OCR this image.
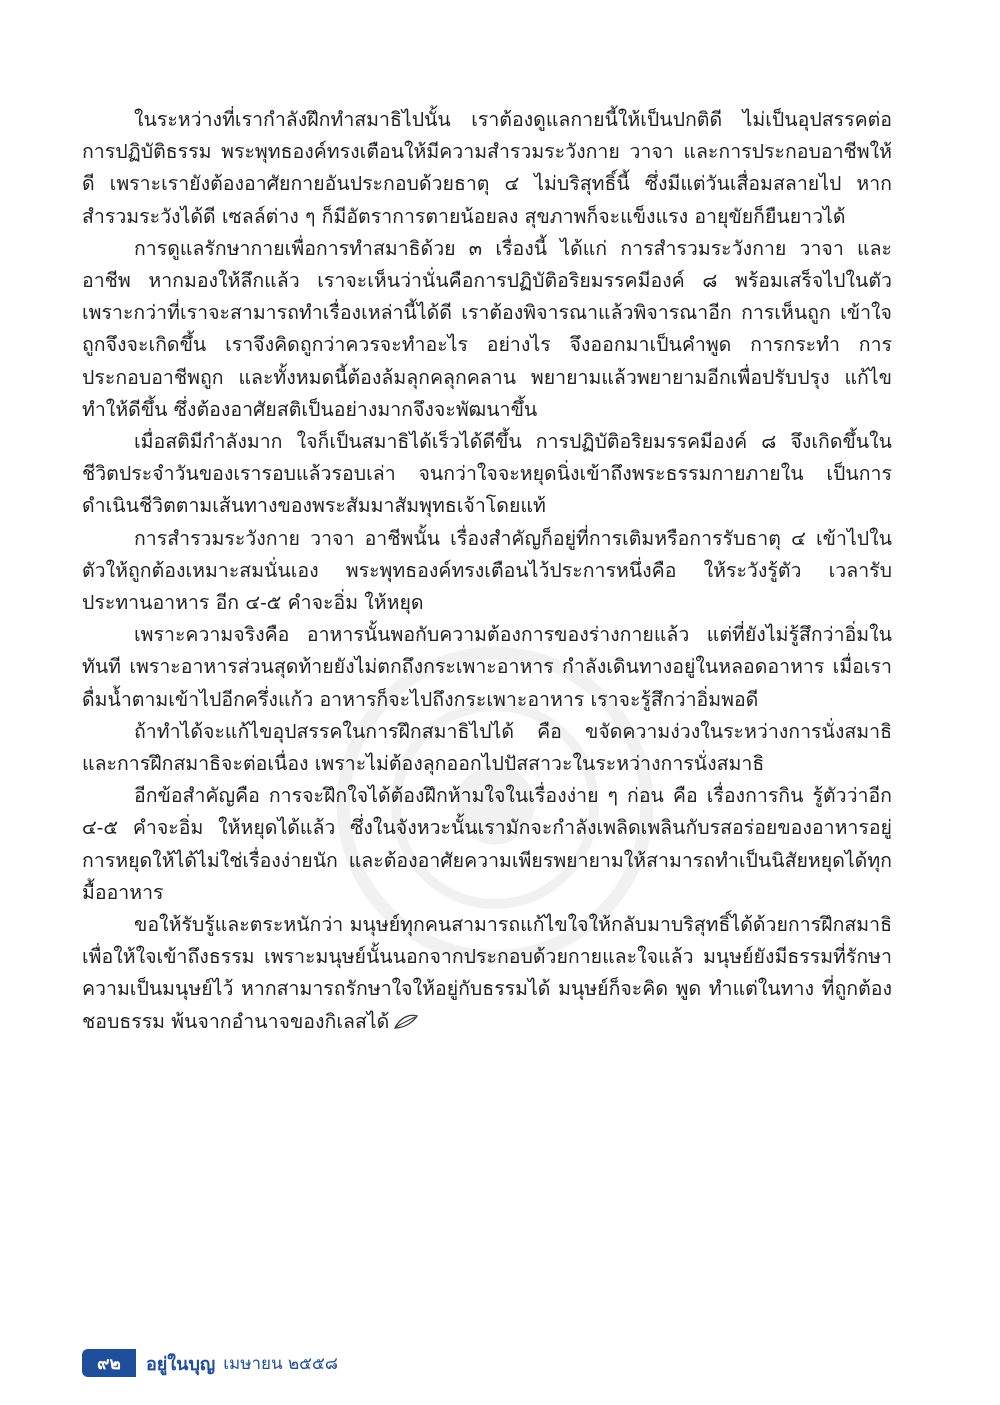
ในระหว่างที่เรากำลังฝึกทำสมาธิไปนั้น เราต้องดูแลกายนี้ให้เป็นปกติดี ไม่เป็นอุปสรรคต่อการปฏิบัติธรรม พระพุทธองค์ทรงเตือนให้มีความสำรวมระวังกาย วาจา และการประกอบอาชีพให้ดี เพราะเรายังต้องอาศัยกายอันประกอบด้วยธาตุ ๔ ไม่บริสุทธิ์นี้ ซึ่งมีแต่วันเสื่อมสลายไป หากสำรวมระวังได้ดี เซลล์ต่าง ๆ ก็มีอัตราการตายน้อยลง สุขภาพก็จะแข็งแรง อายุขัยก็ยืนยาวได้

การดูแลรักษากายเพื่อการทำสมาธิด้วย ๓ เรื่องนี้ ได้แก่ การสำรวมระวังกาย วาจา และอาชีพ หากมองให้ลึกแล้ว เราจะเห็นว่านั่นคือการปฏิบัติอริยมรรคมีองค์ ๘ พร้อมเสร็จไปในตัว เพราะกว่าที่เราจะสามารถทำเรื่องเหล่านี้ได้ดี เราต้องพิจารณาแล้วพิจารณาอีก การเห็นถูก เข้าใจถูกจึงจะเกิดขึ้น เราจึงคิดถูกว่าควรจะทำอะไร อย่างไร จึงออกมาเป็นคำพูด การกระทำ การประกอบอาชีพถูก และทั้งหมดนี้ต้องล้มลุกคลุกคลาน พยายามแล้วพยายามอีกเพื่อปรับปรุง แก้ไขทำให้ดีขึ้น ซึ่งต้องอาศัยสติเป็นอย่างมากจึงจะพัฒนาขึ้น

เมื่อสติมีกำลังมาก ใจก็เป็นสมาธิได้เร็วได้ดีขึ้น การปฏิบัติอริยมรรคมีองค์ ๘ จึงเกิดขึ้นในชีวิตประจำวันของเรารอบแล้วรอบเล่า จนกว่าใจจะหยุดนิ่งเข้าถึงพระธรรมกายภายใน เป็นการดำเนินชีวิตตามเส้นทางของพระสัมมาสัมพุทธเจ้าโดยแท้

การสำรวมระวังกาย วาจา อาชีพนั้น เรื่องสำคัญก็อยู่ที่การเติมหรือการรับธาตุ ๔ เข้าไปในตัวให้ถูกต้องเหมาะสมนั่นเอง พระพุทธองค์ทรงเตือนไว้ประการหนึ่งคือ ให้ระวังรู้ตัว เวลารับประทานอาหาร อีก ๔-๕ คำจะอิ่ม ให้หยุด

เพราะความจริงคือ อาหารนั้นพอกับความต้องการของร่างกายแล้ว แต่ที่ยังไม่รู้สึกว่าอิ่มในทันที เพราะอาหารส่วนสุดท้ายยังไม่ตกถึงกระเพาะอาหาร กำลังเดินทางอยู่ในหลอดอาหาร เมื่อเราดื่มน้ำตามเข้าไปอีกครึ่งแก้ว อาหารก็จะไปถึงกระเพาะอาหาร เราจะรู้สึกว่าอิ่มพอดี

ถ้าทำได้จะแก้ไขอุปสรรคในการฝึกสมาธิไปได้ คือ ขจัดความง่วงในระหว่างการนั่งสมาธิ และการฝึกสมาธิจะต่อเนื่อง เพราะไม่ต้องลุกออกไปปัสสาวะในระหว่างการนั่งสมาธิ

อีกข้อสำคัญคือ การจะฝึกใจได้ต้องฝึกห้ามใจในเรื่องง่าย ๆ ก่อน คือ เรื่องการกิน รู้ตัวว่าอีก ๔-๕ คำจะอิ่ม ให้หยุดได้แล้ว ซึ่งในจังหวะนั้นเรามักจะกำลังเพลิดเพลินกับรสอร่อยของอาหารอยู่ การหยุดให้ได้ไม่ใช่เรื่องง่ายนัก และต้องอาศัยความเพียรพยายามให้สามารถทำเป็นนิสัยหยุดได้ทุกมื้ออาหาร

ขอให้รับรู้และตระหนักว่า มนุษย์ทุกคนสามารถแก้ไขใจให้กลับมาบริสุทธิ์ได้ด้วยการฝึกสมาธิ เพื่อให้ใจเข้าถึงธรรม เพราะมนุษย์นั้นนอกจากประกอบด้วยกายและใจแล้ว มนุษย์ยังมีธรรมที่รักษาความเป็นมนุษย์ไว้ หากสามารถรักษาใจให้อยู่กับธรรมได้ มนุษย์ก็จะคิด พูด ทำแต่ในทาง ที่ถูกต้องชอบธรรม พ้นจากอำนาจของกิเลสได้

๙๒	อยู่ในบุญ เมษายน ๒๕๕๘
